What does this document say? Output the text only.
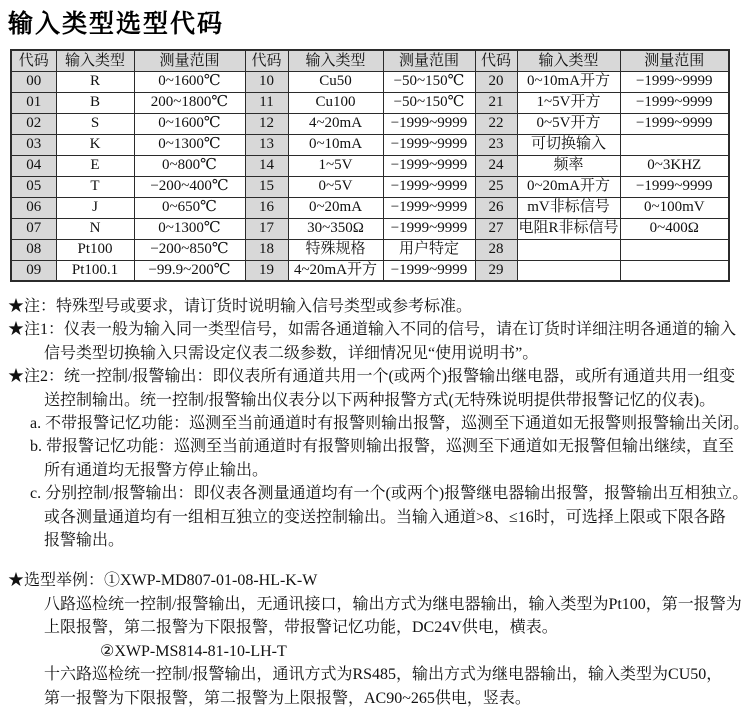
输入类型选型代码
代码	输入类型	测量范围	代码	输入类型	测量范围	代码	输入类型	测量范围
00	R	0~1600℃	10	Cu50	−50~150℃	20	0~10mA开方	−1999~9999
01	B	200~1800℃	11	Cu100	−50~150℃	21	1~5V开方	−1999~9999
02	S	0~1600℃	12	4~20mA	−1999~9999	22	0~5V开方	−1999~9999
03	K	0~1300℃	13	0~10mA	−1999~9999	23	可切换输入	
04	E	0~800℃	14	1~5V	−1999~9999	24	频率	0~3KHZ
05	T	−200~400℃	15	0~5V	−1999~9999	25	0~20mA开方	−1999~9999
06	J	0~650℃	16	0~20mA	−1999~9999	26	mV非标信号	0~100mV
07	N	0~1300℃	17	30~350Ω	−1999~9999	27	电阻R非标信号	0~400Ω
08	Pt100	−200~850℃	18	特殊规格	用户特定	28		
09	Pt100.1	−99.9~200℃	19	4~20mA开方	−1999~9999	29		

★注：特殊型号或要求，请订货时说明输入信号类型或参考标准。

★注1：仪表一般为输入同一类型信号，如需各通道输入不同的信号，请在订货时详细注明各通道的输入

信号类型切换输入只需设定仪表二级参数，详细情况见“使用说明书”。

★注2：统一控制/报警输出：即仪表所有通道共用一个(或两个)报警输出继电器，或所有通道共用一组变

送控制输出。统一控制/报警输出仪表分以下两种报警方式(无特殊说明提供带报警记忆的仪表)。

a. 不带报警记忆功能：巡测至当前通道时有报警则输出报警，巡测至下通道如无报警则报警输出关闭。

b. 带报警记忆功能：巡测至当前通道时有报警则输出报警，巡测至下通道如无报警但输出继续，直至

所有通道均无报警方停止输出。

c. 分别控制/报警输出：即仪表各测量通道均有一个(或两个)报警继电器输出报警，报警输出互相独立。

或各测量通道均有一组相互独立的变送控制输出。当输入通道>8、≤16时，可选择上限或下限各路

报警输出。

★选型举例：①XWP-MD807-01-08-HL-K-W

八路巡检统一控制/报警输出，无通讯接口，输出方式为继电器输出，输入类型为Pt100，第一报警为

上限报警，第二报警为下限报警，带报警记忆功能，DC24V供电，横表。

②XWP-MS814-81-10-LH-T

十六路巡检统一控制/报警输出，通讯方式为RS485，输出方式为继电器输出，输入类型为CU50，

第一报警为下限报警，第二报警为上限报警，AC90~265供电，竖表。
